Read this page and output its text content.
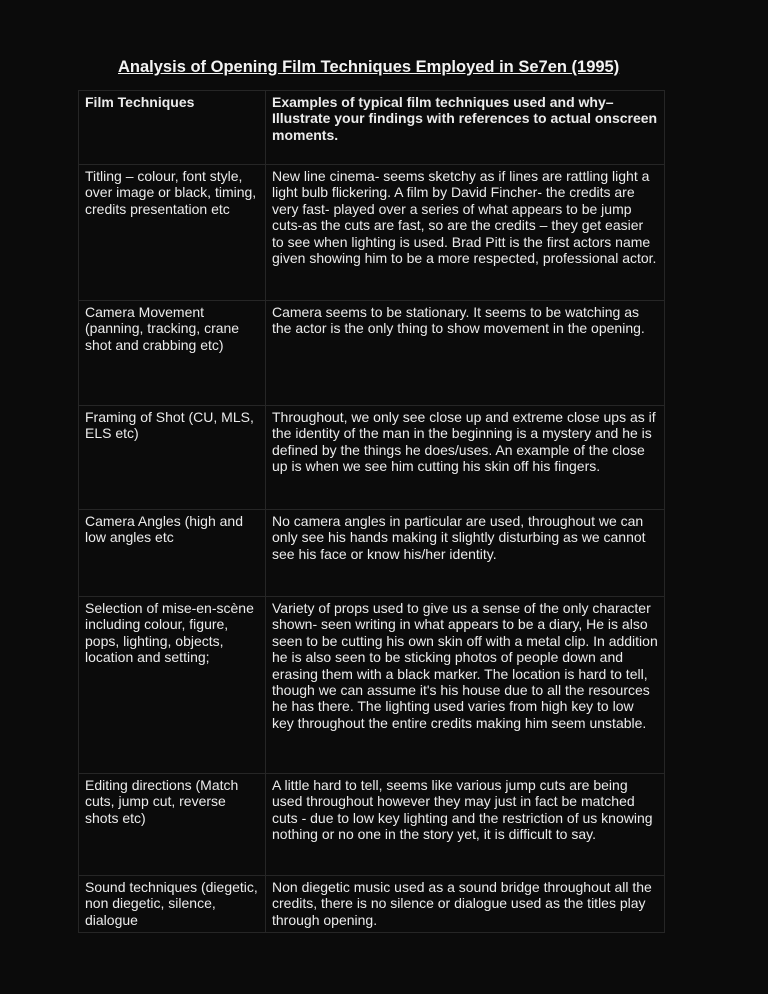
Analysis of Opening Film Techniques Employed in Se7en (1995)
Film Techniques	Examples of typical film techniques used and why– Illustrate your findings with references to actual onscreen moments.
Titling – colour, font style, over image or black, timing, credits presentation etc	New line cinema- seems sketchy as if lines are rattling light a light bulb flickering. A film by David Fincher- the credits are very fast- played over a series of what appears to be jump cuts-as the cuts are fast, so are the credits – they get easier to see when lighting is used. Brad Pitt is the first actors name given showing him to be a more respected, professional actor.
Camera Movement (panning, tracking, crane shot and crabbing etc)	Camera seems to be stationary. It seems to be watching as the actor is the only thing to show movement in the opening.
Framing of Shot (CU, MLS, ELS etc)	Throughout, we only see close up and extreme close ups as if the identity of the man in the beginning is a mystery and he is defined by the things he does/uses. An example of the close up is when we see him cutting his skin off his fingers.
Camera Angles (high and low angles etc	No camera angles in particular are used, throughout we can only see his hands making it slightly disturbing as we cannot see his face or know his/her identity.
Selection of mise-en-scène including colour, figure, pops, lighting, objects, location and setting;	Variety of props used to give us a sense of the only character shown- seen writing in what appears to be a diary, He is also seen to be cutting his own skin off with a metal clip. In addition he is also seen to be sticking photos of people down and erasing them with a black marker. The location is hard to tell, though we can assume it's his house due to all the resources he has there. The lighting used varies from high key to low key throughout the entire credits making him seem unstable.
Editing directions (Match cuts, jump cut, reverse shots etc)	A little hard to tell, seems like various jump cuts are being used throughout however they may just in fact be matched cuts - due to low key lighting and the restriction of us knowing nothing or no one in the story yet, it is difficult to say.
Sound techniques (diegetic, non diegetic, silence, dialogue	Non diegetic music used as a sound bridge throughout all the credits, there is no silence or dialogue used as the titles play through opening.
